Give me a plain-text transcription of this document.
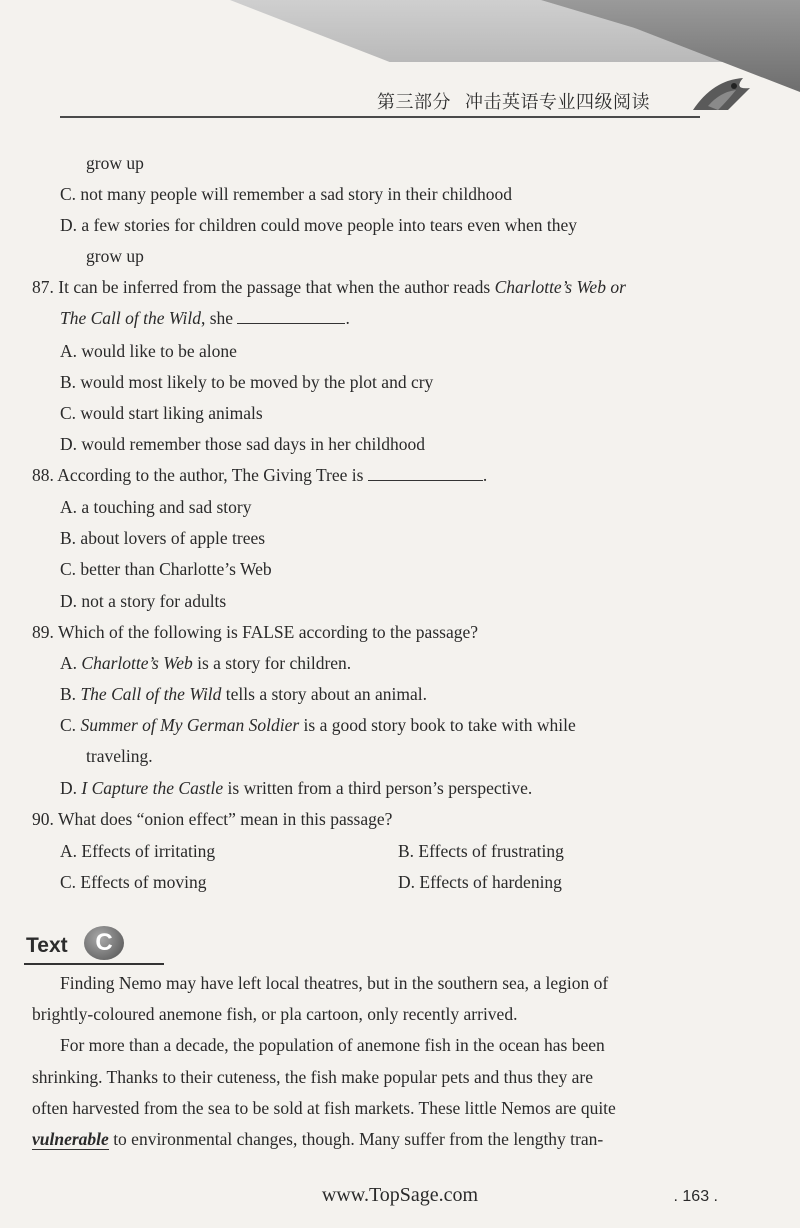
第三部分 冲击英语专业四级阅读
grow up
C. not many people will remember a sad story in their childhood
D. a few stories for children could move people into tears even when they
grow up
87. It can be inferred from the passage that when the author reads Charlotte’s Web or
The Call of the Wild, she	.
A. would like to be alone
B. would most likely to be moved by the plot and cry
C. would start liking animals
D. would remember those sad days in her childhood
88. According to the author, The Giving Tree is	.
A. a touching and sad story
B. about lovers of apple trees
C. better than Charlotte’s Web
D. not a story for adults
89. Which of the following is FALSE according to the passage?
A. Charlotte’s Web is a story for children.
B. The Call of the Wild tells a story about an animal.
C. Summer of My German Soldier is a good story book to take with while
traveling.
D. I Capture the Castle is written from a third person’s perspective.
90. What does “onion effect” mean in this passage?
A. Effects of irritating	B. Effects of frustrating
C. Effects of moving	D. Effects of hardening
Text	C
Finding Nemo may have left local theatres, but in the southern sea, a legion of
brightly-coloured anemone fish, or pla cartoon, only recently arrived.
For more than a decade, the population of anemone fish in the ocean has been
shrinking. Thanks to their cuteness, the fish make popular pets and thus they are
often harvested from the sea to be sold at fish markets. These little Nemos are quite
vulnerable to environmental changes, though. Many suffer from the lengthy tran-
www.TopSage.com	. 163 .
